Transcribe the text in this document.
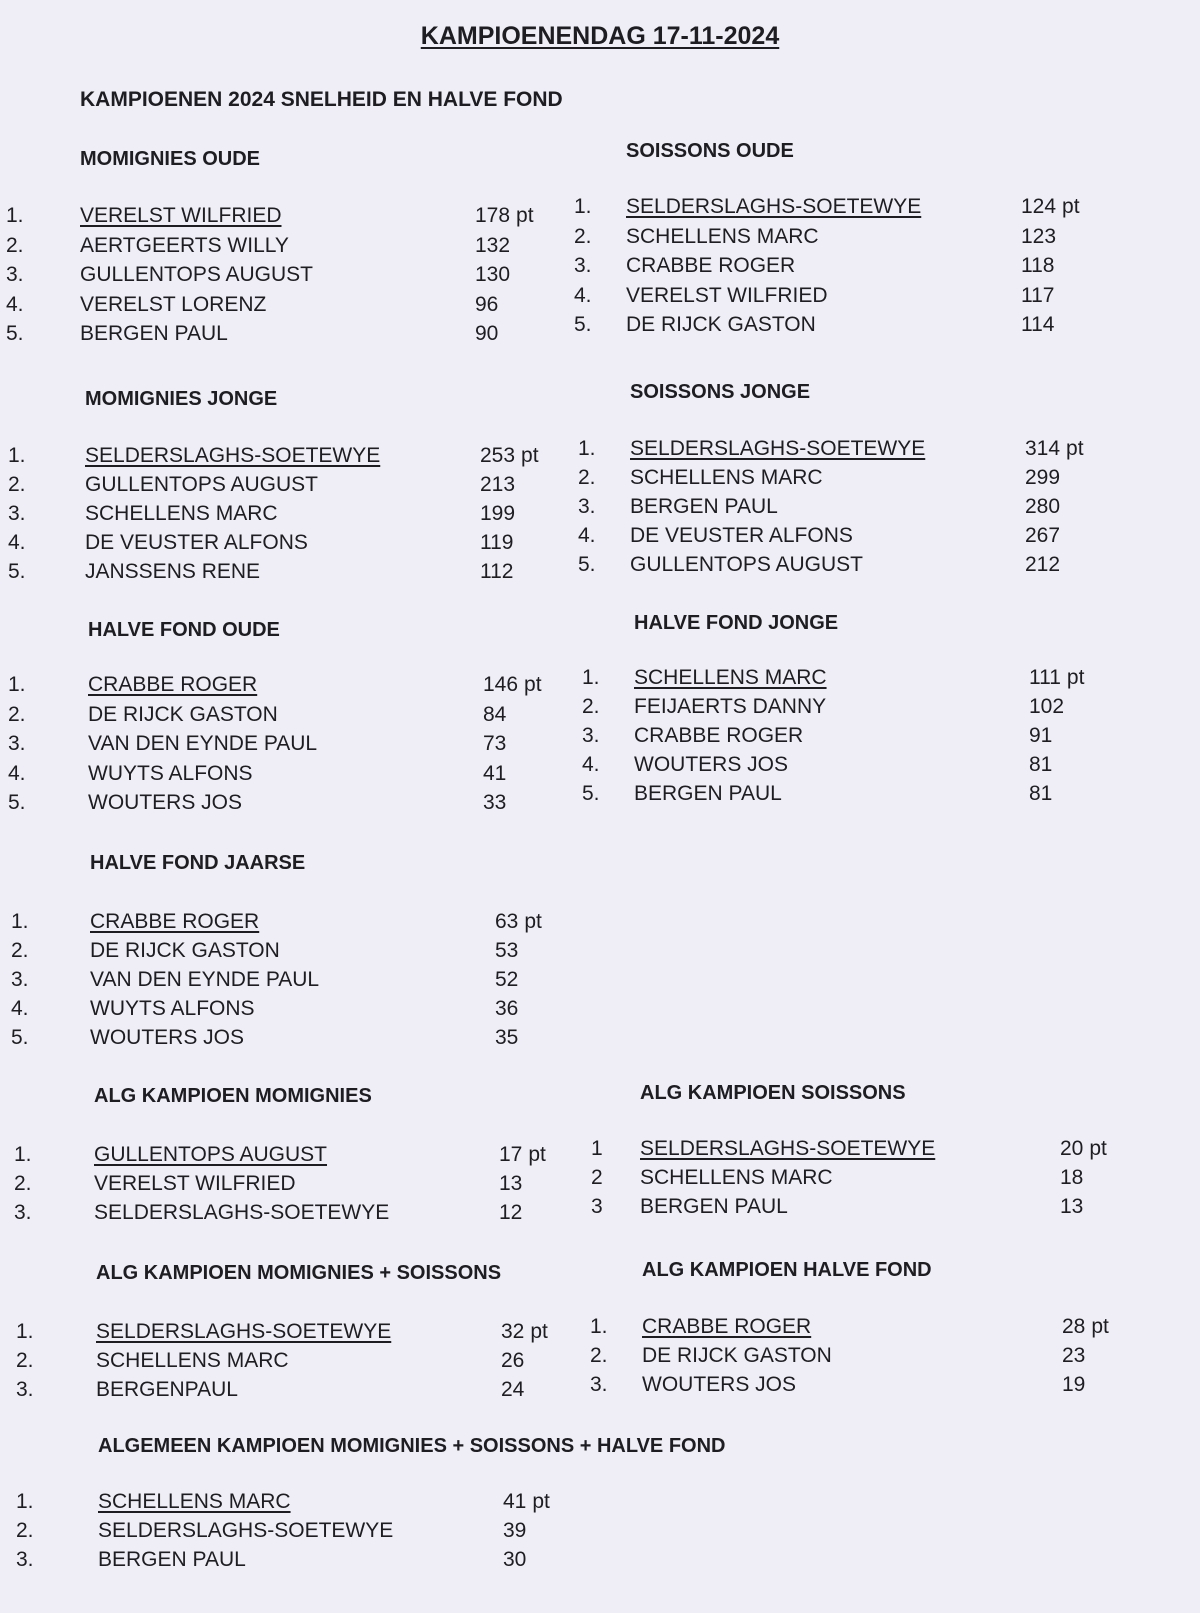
KAMPIOENENDAG 17-11-2024
KAMPIOENEN 2024 SNELHEID EN HALVE FOND
MOMIGNIES OUDE
1.	VERELST WILFRIED	178 pt
2.	AERTGEERTS WILLY	132
3.	GULLENTOPS AUGUST	130
4.	VERELST LORENZ	96
5.	BERGEN PAUL	90
SOISSONS OUDE
1. SELDERSLAGHS-SOETEWYE	124 pt
2. SCHELLENS MARC	123
3. CRABBE ROGER	118
4. VERELST WILFRIED	117
5. DE RIJCK GASTON	114
MOMIGNIES JONGE
1.	SELDERSLAGHS-SOETEWYE	253 pt
2.	GULLENTOPS AUGUST	213
3.	SCHELLENS MARC	199
4.	DE VEUSTER ALFONS	119
5.	JANSSENS RENE	112
SOISSONS JONGE
1. SELDERSLAGHS-SOETEWYE	314 pt
2. SCHELLENS MARC	299
3. BERGEN PAUL	280
4. DE VEUSTER ALFONS	267
5. GULLENTOPS AUGUST	212
HALVE FOND OUDE
1.	CRABBE ROGER	146 pt
2.	DE RIJCK GASTON	84
3.	VAN DEN EYNDE PAUL	73
4.	WUYTS ALFONS	41
5.	WOUTERS JOS	33
HALVE FOND JONGE
1. SCHELLENS MARC	111 pt
2. FEIJAERTS DANNY	102
3. CRABBE ROGER	91
4. WOUTERS JOS	81
5. BERGEN PAUL	81
HALVE FOND JAARSE
1.	CRABBE ROGER	63 pt
2.	DE RIJCK GASTON	53
3.	VAN DEN EYNDE PAUL	52
4.	WUYTS ALFONS	36
5.	WOUTERS JOS	35
ALG KAMPIOEN MOMIGNIES
1.	GULLENTOPS AUGUST	17 pt
2.	VERELST WILFRIED	13
3.	SELDERSLAGHS-SOETEWYE	12
ALG KAMPIOEN SOISSONS
1 SELDERSLAGHS-SOETEWYE	20 pt
2 SCHELLENS MARC	18
3 BERGEN PAUL	13
ALG KAMPIOEN MOMIGNIES + SOISSONS
1.	SELDERSLAGHS-SOETEWYE	32 pt
2.	SCHELLENS MARC	26
3.	BERGENPAUL	24
ALG KAMPIOEN HALVE FOND
1. CRABBE ROGER	28 pt
2. DE RIJCK GASTON	23
3. WOUTERS JOS	19
ALGEMEEN KAMPIOEN MOMIGNIES + SOISSONS + HALVE FOND
1.	SCHELLENS MARC	41 pt
2.	SELDERSLAGHS-SOETEWYE	39
3.	BERGEN PAUL	30
